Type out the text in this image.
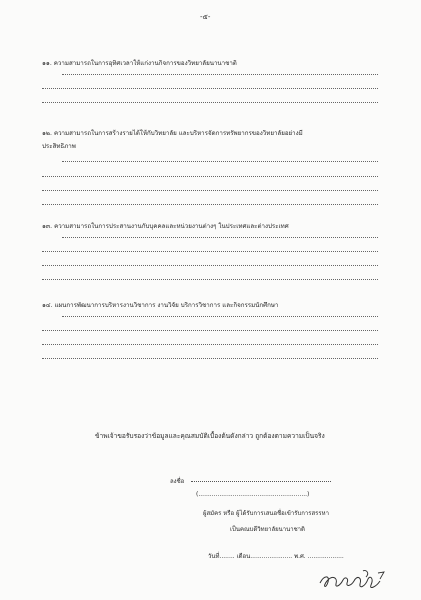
-๕-
๑๑. ความสามารถในการอุทิศเวลาให้แก่งานกิจการของวิทยาลัยนานาชาติ
๑๒. ความสามารถในการสร้างรายได้ให้กับวิทยาลัย และบริหารจัดการทรัพยากรของวิทยาลัยอย่างมี
ประสิทธิภาพ
๑๓. ความสามารถในการประสานงานกับบุคคลและหน่วยงานต่างๆ ในประเทศและต่างประเทศ
๑๔. แผนการพัฒนาการบริหารงานวิชาการ งานวิจัย บริการวิชาการ และกิจกรรมนักศึกษา
ข้าพเจ้าขอรับรองว่าข้อมูลและคุณสมบัติเบื้องต้นดังกล่าว ถูกต้องตามความเป็นจริง
ลงชื่อ
(.........................................................)
ผู้สมัคร หรือ ผู้ได้รับการเสนอชื่อเข้ารับการสรรหา
เป็นคณบดีวิทยาลัยนานาชาติ
วันที่........ เดือน...................... พ.ศ. ...................
